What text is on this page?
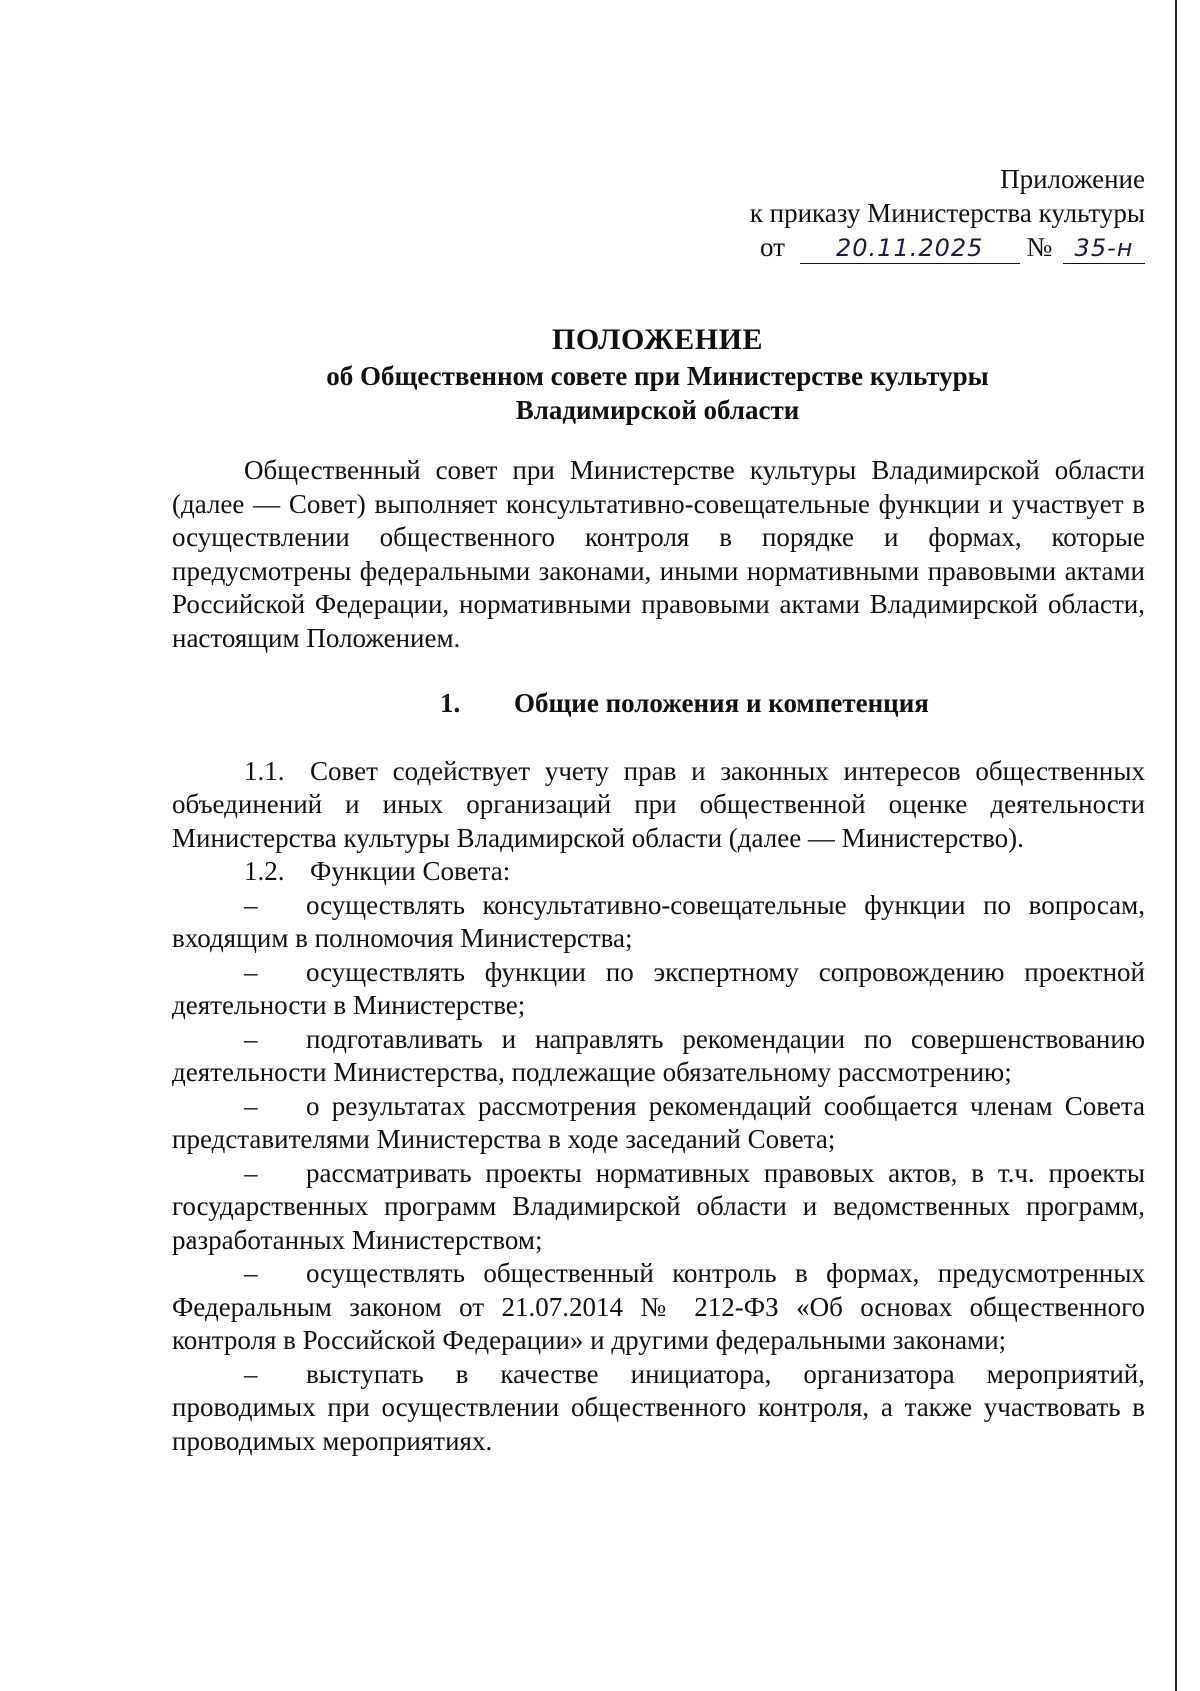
Приложение
к приказу Министерства культуры
от 20.11.2025 № 35-н
ПОЛОЖЕНИЕ
об Общественном совете при Министерстве культуры
Владимирской области

Общественный совет при Министерстве культуры Владимирской области (далее — Совет) выполняет консультативно-совещательные функции и участвует в осуществлении общественного контроля в порядке и формах, которые предусмотрены федеральными законами, иными нормативными правовыми актами Российской Федерации, нормативными правовыми актами Владимирской области, настоящим Положением.

1. Общие положения и компетенция

1.1. Совет содействует учету прав и законных интересов общественных объединений и иных организаций при общественной оценке деятельности Министерства культуры Владимирской области (далее — Министерство).

1.2. Функции Совета:

– осуществлять консультативно-совещательные функции по вопросам, входящим в полномочия Министерства;

– осуществлять функции по экспертному сопровождению проектной деятельности в Министерстве;

– подготавливать и направлять рекомендации по совершенствованию деятельности Министерства, подлежащие обязательному рассмотрению;

– о результатах рассмотрения рекомендаций сообщается членам Совета представителями Министерства в ходе заседаний Совета;

– рассматривать проекты нормативных правовых актов, в т.ч. проекты государственных программ Владимирской области и ведомственных программ, разработанных Министерством;

– осуществлять общественный контроль в формах, предусмотренных Федеральным законом от 21.07.2014 № 212-ФЗ «Об основах общественного контроля в Российской Федерации» и другими федеральными законами;

– выступать в качестве инициатора, организатора мероприятий, проводимых при осуществлении общественного контроля, а также участвовать в проводимых мероприятиях.
